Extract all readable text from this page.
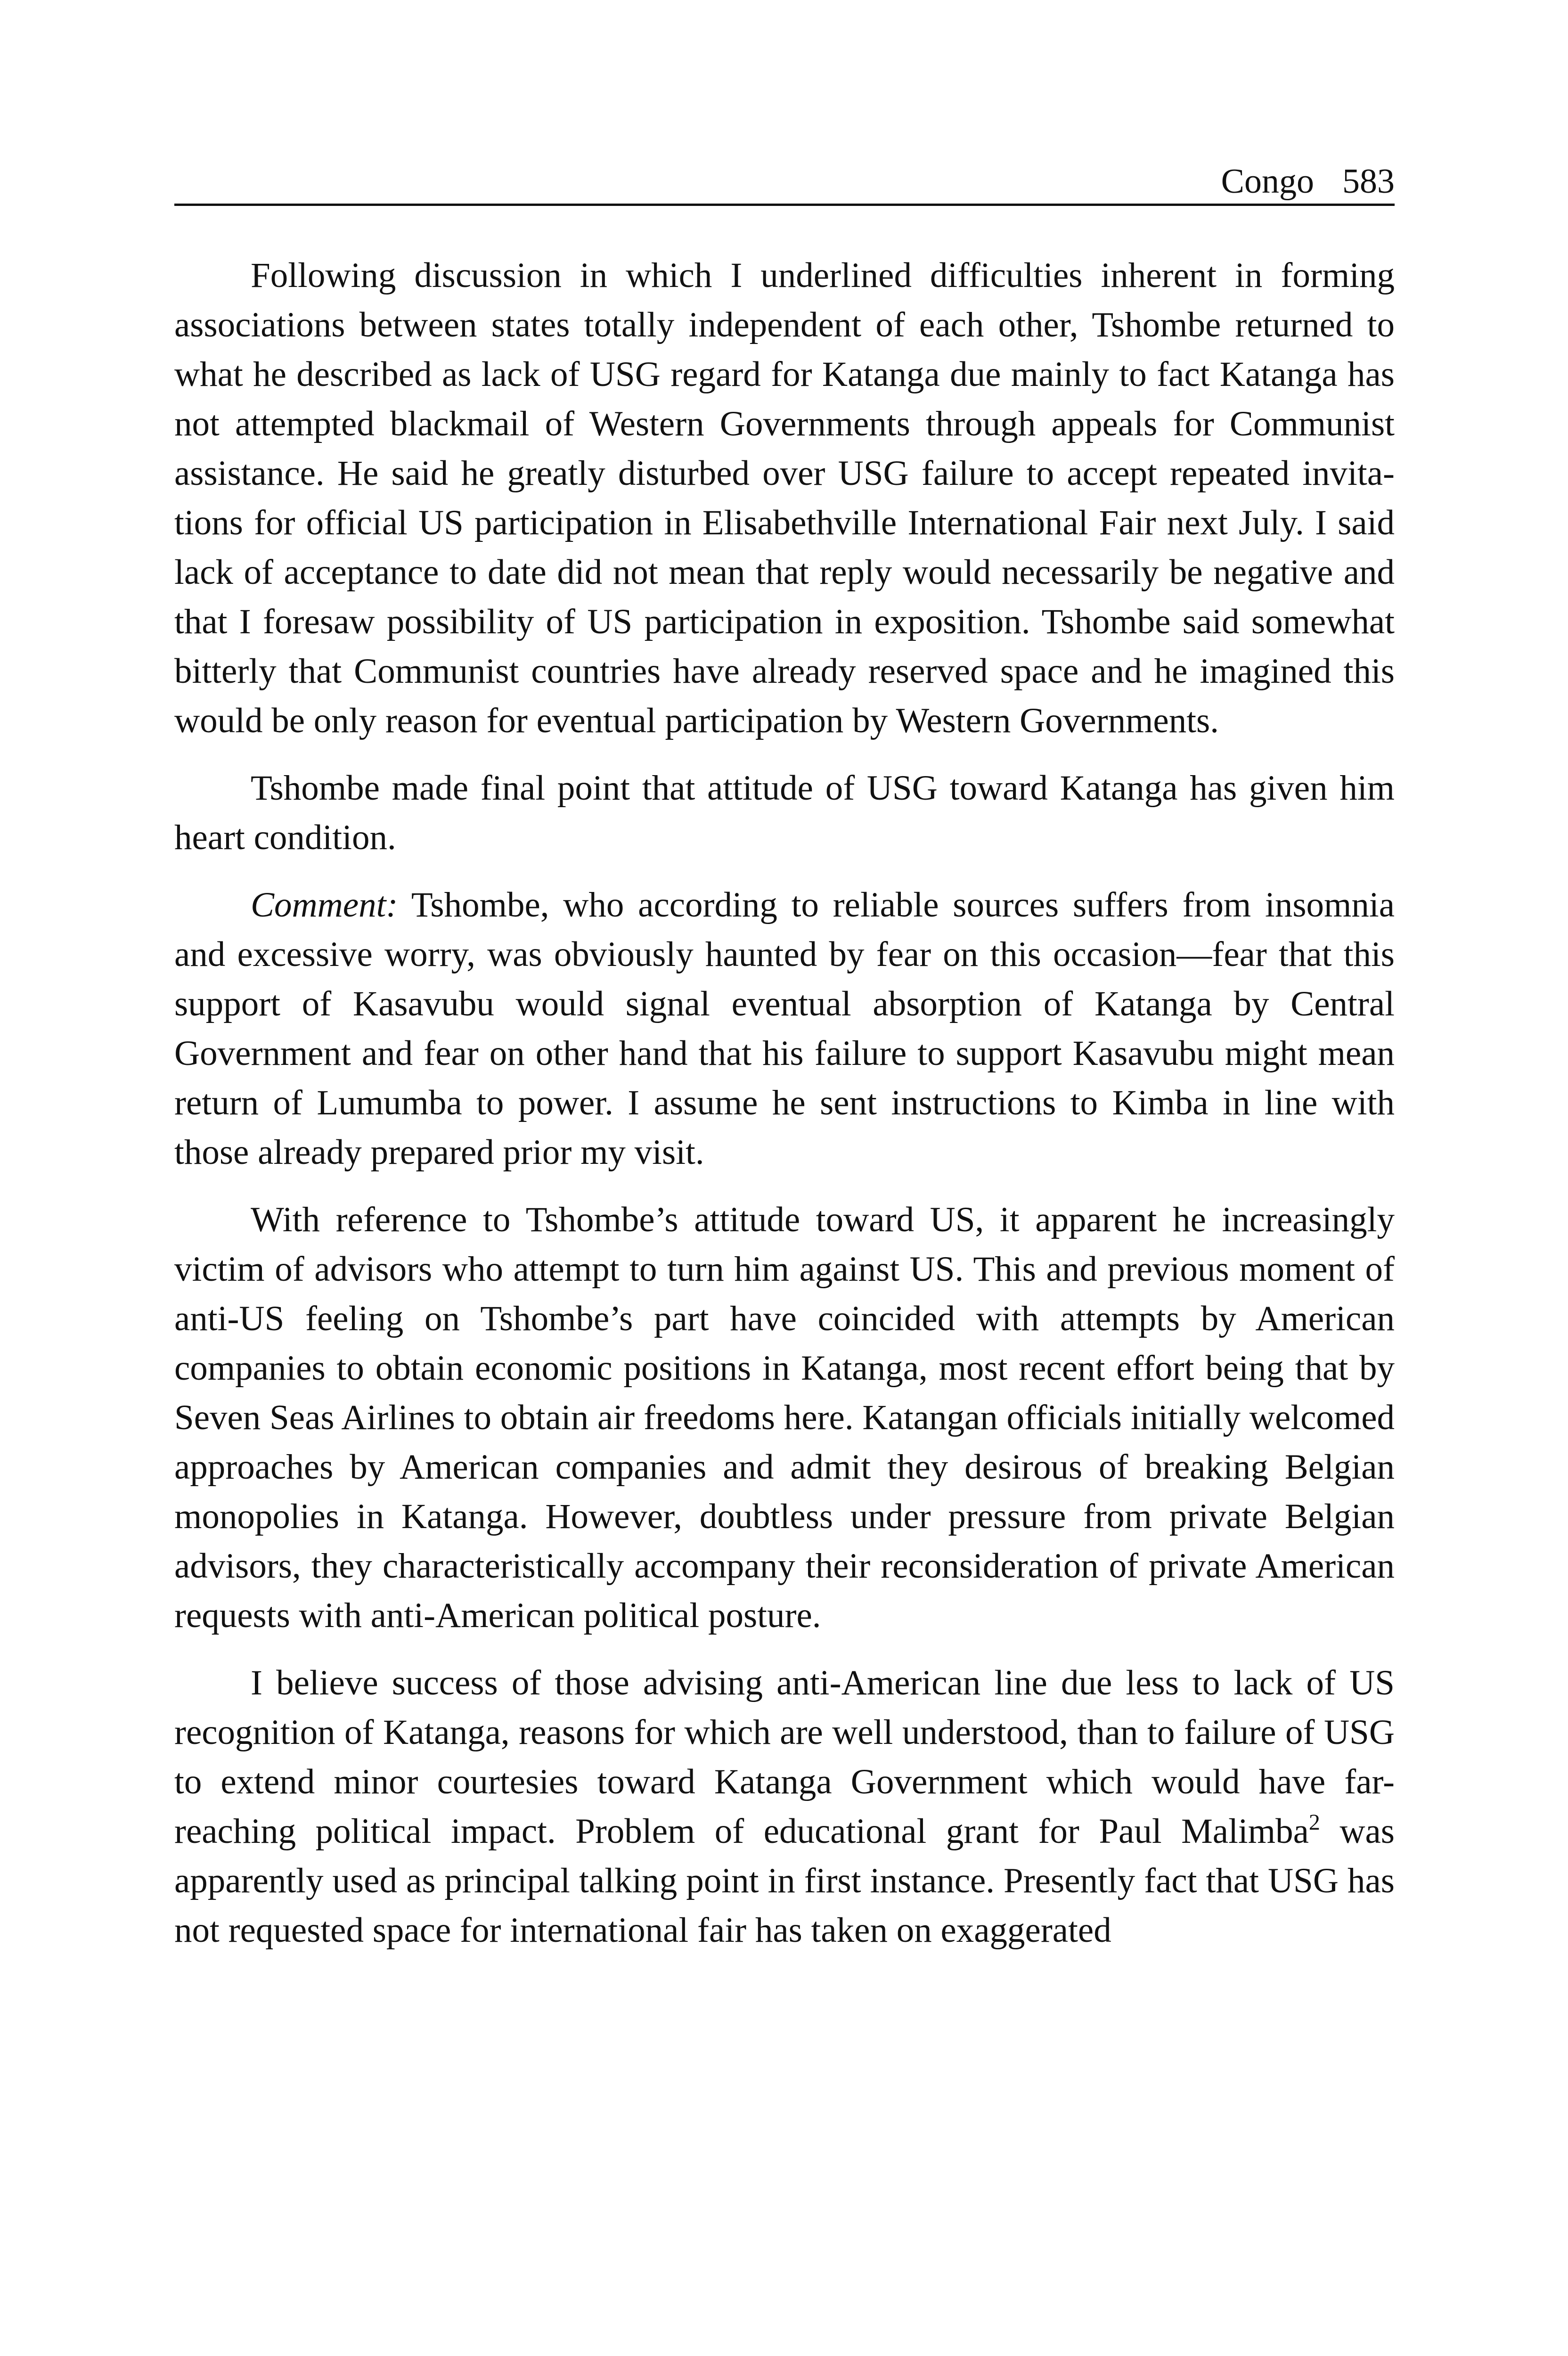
Congo 583

Following discussion in which I underlined difficulties inherent in forming associations between states totally independent of each other, Tshombe returned to what he described as lack of USG regard for Katanga due mainly to fact Katanga has not attempted blackmail of Western Governments through appeals for Communist assistance. He said he greatly disturbed over USG failure to accept repeated invitations for official US participation in Elisabethville International Fair next July. I said lack of acceptance to date did not mean that reply would necessarily be negative and that I foresaw possibility of US participation in exposition. Tshombe said somewhat bitterly that Communist countries have already reserved space and he imagined this would be only reason for eventual participation by Western Governments.

Tshombe made final point that attitude of USG toward Katanga has given him heart condition.

Comment: Tshombe, who according to reliable sources suffers from insomnia and excessive worry, was obviously haunted by fear on this occasion—fear that this support of Kasavubu would signal eventual absorption of Katanga by Central Government and fear on other hand that his failure to support Kasavubu might mean return of Lumumba to power. I assume he sent instructions to Kimba in line with those already prepared prior my visit.

With reference to Tshombe’s attitude toward US, it apparent he increasingly victim of advisors who attempt to turn him against US. This and previous moment of anti-US feeling on Tshombe’s part have coincided with attempts by American companies to obtain economic positions in Katanga, most recent effort being that by Seven Seas Airlines to obtain air freedoms here. Katangan officials initially welcomed approaches by American companies and admit they desirous of breaking Belgian monopolies in Katanga. However, doubtless under pressure from private Belgian advisors, they characteristically accompany their reconsideration of private American requests with anti-American political posture.

I believe success of those advising anti-American line due less to lack of US recognition of Katanga, reasons for which are well understood, than to failure of USG to extend minor courtesies toward Katanga Government which would have far-reaching political impact. Problem of educational grant for Paul Malimba$^2$ was apparently used as principal talking point in first instance. Presently fact that USG has not requested space for international fair has taken on exaggerated
